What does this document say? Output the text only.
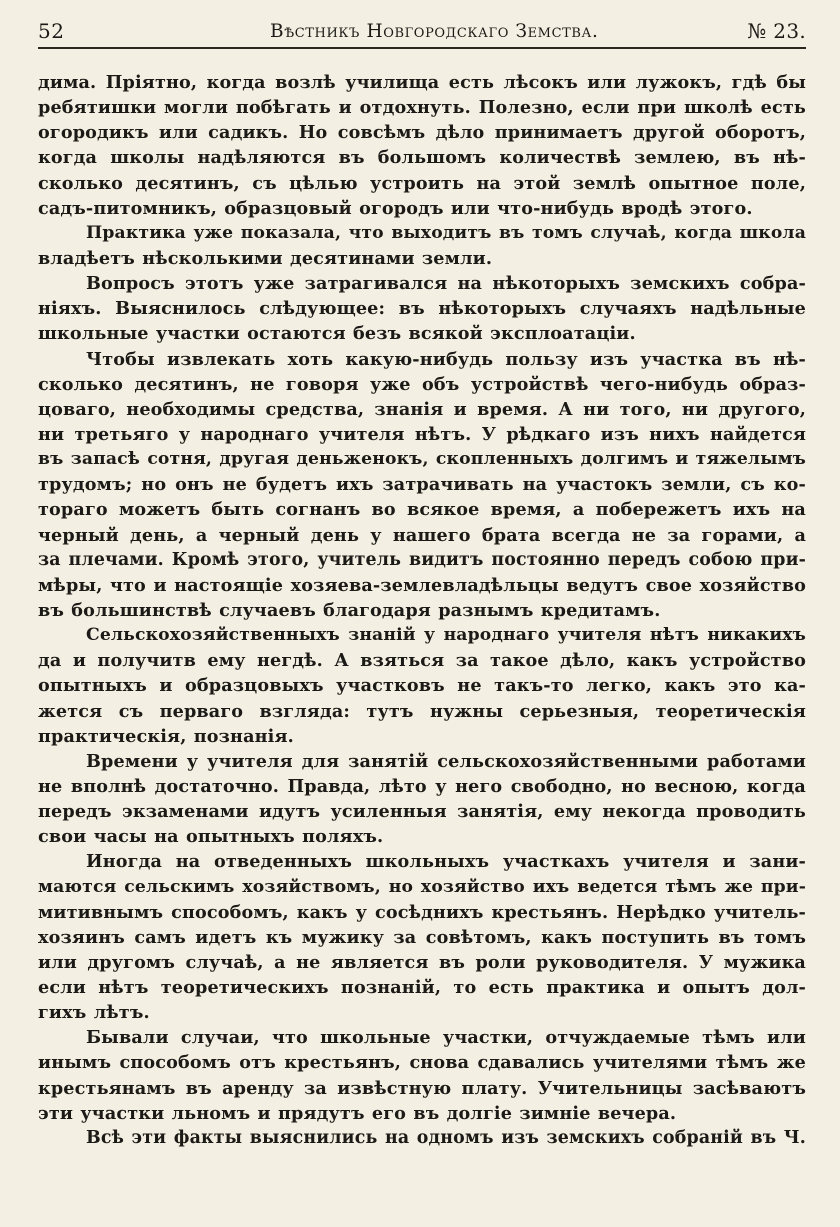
52	Вѣстникъ Новгородскаго Земства.	№ 23.
дима. Пріятно, когда возлѣ училища есть лѣсокъ или лужокъ, гдѣ бы
ребятишки могли побѣгать и отдохнуть. Полезно, если при школѣ есть
огородикъ или садикъ. Но совсѣмъ дѣло принимаетъ другой оборотъ,
когда школы надѣляются въ большомъ количествѣ землею, въ нѣ-
сколько десятинъ, съ цѣлью устроить на этой землѣ опытное поле,
садъ-питомникъ, образцовый огородъ или что-нибудь вродѣ этого.
Практика уже показала, что выходитъ въ томъ случаѣ, когда школа
владѣетъ нѣсколькими десятинами земли.
Вопросъ этотъ уже затрагивался на нѣкоторыхъ земскихъ собра-
ніяхъ. Выяснилось слѣдующее: въ нѣкоторыхъ случаяхъ надѣльные
школьные участки остаются безъ всякой эксплоатаціи.
Чтобы извлекать хоть какую-нибудь пользу изъ участка въ нѣ-
сколько десятинъ, не говоря уже объ устройствѣ чего-нибудь образ-
цоваго, необходимы средства, знанія и время. А ни того, ни другого,
ни третьяго у народнаго учителя нѣтъ. У рѣдкаго изъ нихъ найдется
въ запасѣ сотня, другая деньженокъ, скопленныхъ долгимъ и тяжелымъ
трудомъ; но онъ не будетъ ихъ затрачивать на участокъ земли, съ ко-
тораго можетъ быть согнанъ во всякое время, а побережетъ ихъ на
черный день, а черный день у нашего брата всегда не за горами, а
за плечами. Кромѣ этого, учитель видитъ постоянно передъ собою при-
мѣры, что и настоящіе хозяева-землевладѣльцы ведутъ свое хозяйство
въ большинствѣ случаевъ благодаря разнымъ кредитамъ.
Сельскохозяйственныхъ знаній у народнаго учителя нѣтъ никакихъ
да и получитв ему негдѣ. А взяться за такое дѣло, какъ устройство
опытныхъ и образцовыхъ участковъ не такъ-то легко, какъ это ка-
жется съ перваго взгляда: тутъ нужны серьезныя, теоретическія
практическія, познанія.
Времени у учителя для занятій сельскохозяйственными работами
не вполнѣ достаточно. Правда, лѣто у него свободно, но весною, когда
передъ экзаменами идутъ усиленныя занятія, ему некогда проводить
свои часы на опытныхъ поляхъ.
Иногда на отведенныхъ школьныхъ участкахъ учителя и зани-
маются сельскимъ хозяйствомъ, но хозяйство ихъ ведется тѣмъ же при-
митивнымъ способомъ, какъ у сосѣднихъ крестьянъ. Нерѣдко учитель-
хозяинъ самъ идетъ къ мужику за совѣтомъ, какъ поступить въ томъ
или другомъ случаѣ, а не является въ роли руководителя. У мужика
если нѣтъ теоретическихъ познаній, то есть практика и опытъ дол-
гихъ лѣтъ.
Бывали случаи, что школьные участки, отчуждаемые тѣмъ или
инымъ способомъ отъ крестьянъ, снова сдавались учителями тѣмъ же
крестьянамъ въ аренду за извѣстную плату. Учительницы засѣваютъ
эти участки льномъ и прядутъ его въ долгіе зимніе вечера.
Всѣ эти факты выяснились на одномъ изъ земскихъ собраній въ Ч.
